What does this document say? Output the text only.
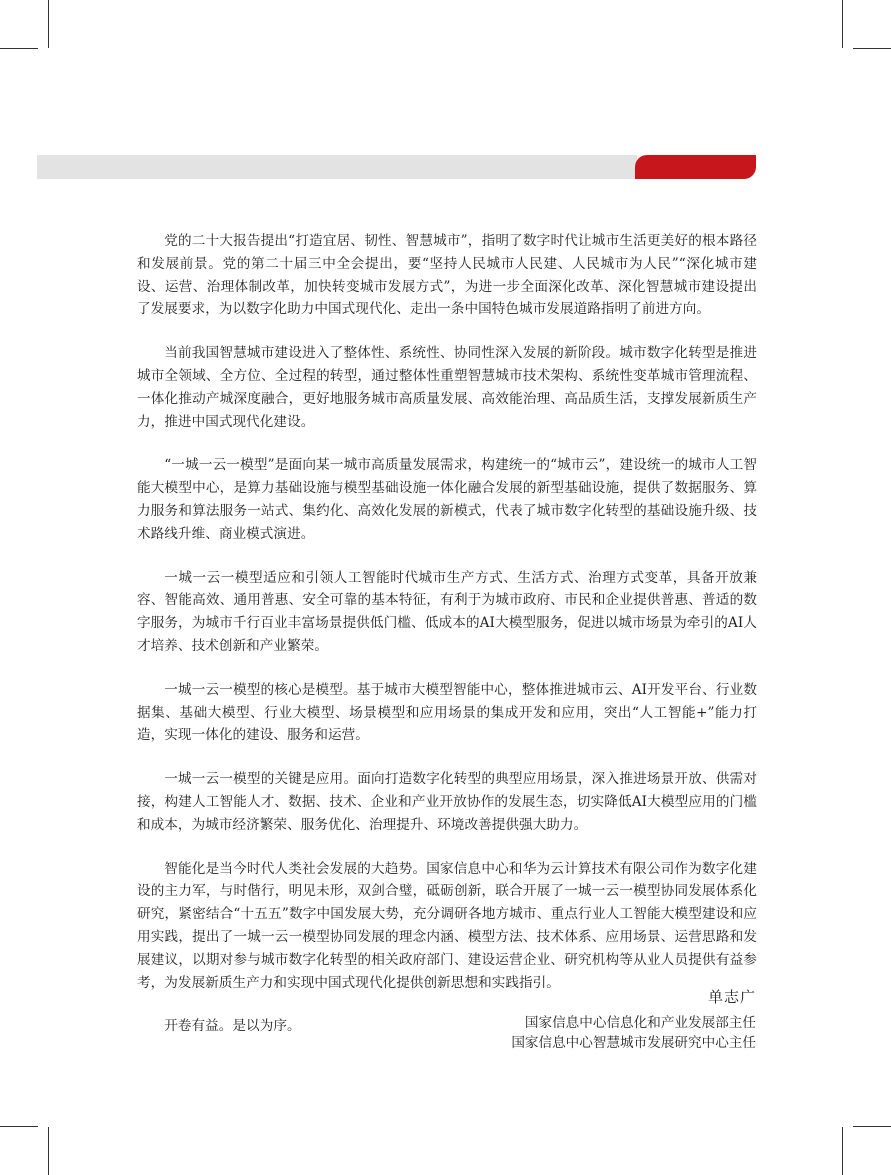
党的二十大报告提出“打造宜居、韧性、智慧城市”，指明了数字时代让城市生活更美好的根本路径和发展前景。党的第二十届三中全会提出，要“坚持人民城市人民建、人民城市为人民”“深化城市建设、运营、治理体制改革，加快转变城市发展方式”，为进一步全面深化改革、深化智慧城市建设提出了发展要求，为以数字化助力中国式现代化、走出一条中国特色城市发展道路指明了前进方向。

当前我国智慧城市建设进入了整体性、系统性、协同性深入发展的新阶段。城市数字化转型是推进城市全领域、全方位、全过程的转型，通过整体性重塑智慧城市技术架构、系统性变革城市管理流程、一体化推动产城深度融合，更好地服务城市高质量发展、高效能治理、高品质生活，支撑发展新质生产力，推进中国式现代化建设。

“一城一云一模型”是面向某一城市高质量发展需求，构建统一的“城市云”，建设统一的城市人工智能大模型中心，是算力基础设施与模型基础设施一体化融合发展的新型基础设施，提供了数据服务、算力服务和算法服务一站式、集约化、高效化发展的新模式，代表了城市数字化转型的基础设施升级、技术路线升维、商业模式演进。

一城一云一模型适应和引领人工智能时代城市生产方式、生活方式、治理方式变革，具备开放兼容、智能高效、通用普惠、安全可靠的基本特征，有利于为城市政府、市民和企业提供普惠、普适的数字服务，为城市千行百业丰富场景提供低门槛、低成本的AI大模型服务，促进以城市场景为牵引的AI人才培养、技术创新和产业繁荣。

一城一云一模型的核心是模型。基于城市大模型智能中心，整体推进城市云、AI开发平台、行业数据集、基础大模型、行业大模型、场景模型和应用场景的集成开发和应用，突出“人工智能+”能力打造，实现一体化的建设、服务和运营。

一城一云一模型的关键是应用。面向打造数字化转型的典型应用场景，深入推进场景开放、供需对接，构建人工智能人才、数据、技术、企业和产业开放协作的发展生态，切实降低AI大模型应用的门槛和成本，为城市经济繁荣、服务优化、治理提升、环境改善提供强大助力。

智能化是当今时代人类社会发展的大趋势。国家信息中心和华为云计算技术有限公司作为数字化建设的主力军，与时偕行，明见未形，双剑合璧，砥砺创新，联合开展了一城一云一模型协同发展体系化研究，紧密结合“十五五”数字中国发展大势，充分调研各地方城市、重点行业人工智能大模型建设和应用实践，提出了一城一云一模型协同发展的理念内涵、模型方法、技术体系、应用场景、运营思路和发展建议，以期对参与城市数字化转型的相关政府部门、建设运营企业、研究机构等从业人员提供有益参考，为发展新质生产力和实现中国式现代化提供创新思想和实践指引。

开卷有益。是以为序。

单志广
国家信息中心信息化和产业发展部主任
国家信息中心智慧城市发展研究中心主任
